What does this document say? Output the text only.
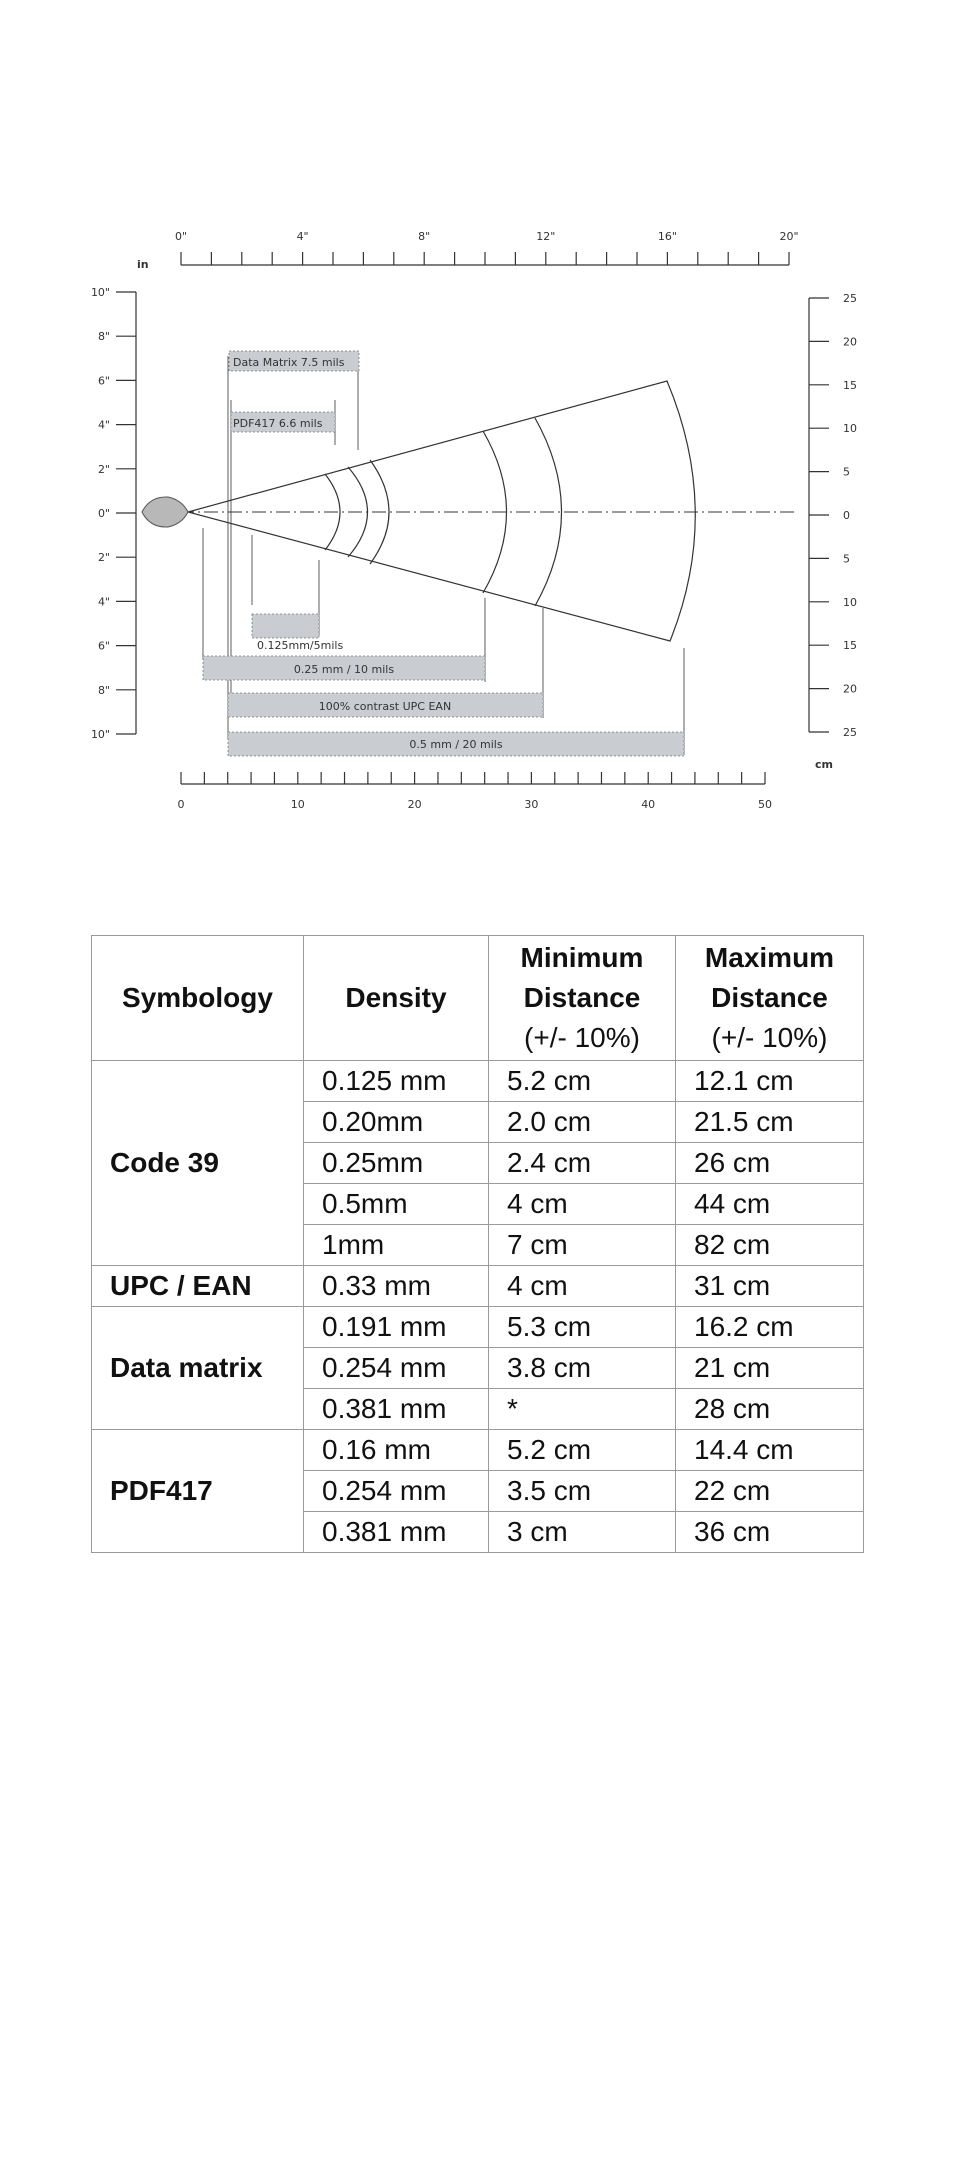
Data Matrix 7.5 mils
PDF417 6.6 mils
0.125mm/5mils
0.25 mm / 10 mils
100% contrast UPC EAN
0.5 mm / 20 mils
in
cm
0"	4"	8"	12"	16"	20"
0	10	20	30	40	50
10"
8"
6"
4"
2"
0"
2"
4"
6"
8"
10"
25
20
15
10
5
0
5
10
15
20
25
Symbology	Density	Minimum
Distance
(+/- 10%)	Maximum
Distance
(+/- 10%)

Code 39	0.125 mm	5.2 cm	12.1 cm
	0.20mm	2.0 cm	21.5 cm
	0.25mm	2.4 cm	26 cm
	0.5mm	4 cm	44 cm
	1mm	7 cm	82 cm
UPC / EAN	0.33 mm	4 cm	31 cm
Data matrix	0.191 mm	5.3 cm	16.2 cm
	0.254 mm	3.8 cm	21 cm
	0.381 mm	*	28 cm
PDF417	0.16 mm	5.2 cm	14.4 cm
	0.254 mm	3.5 cm	22 cm
	0.381 mm	3 cm	36 cm
